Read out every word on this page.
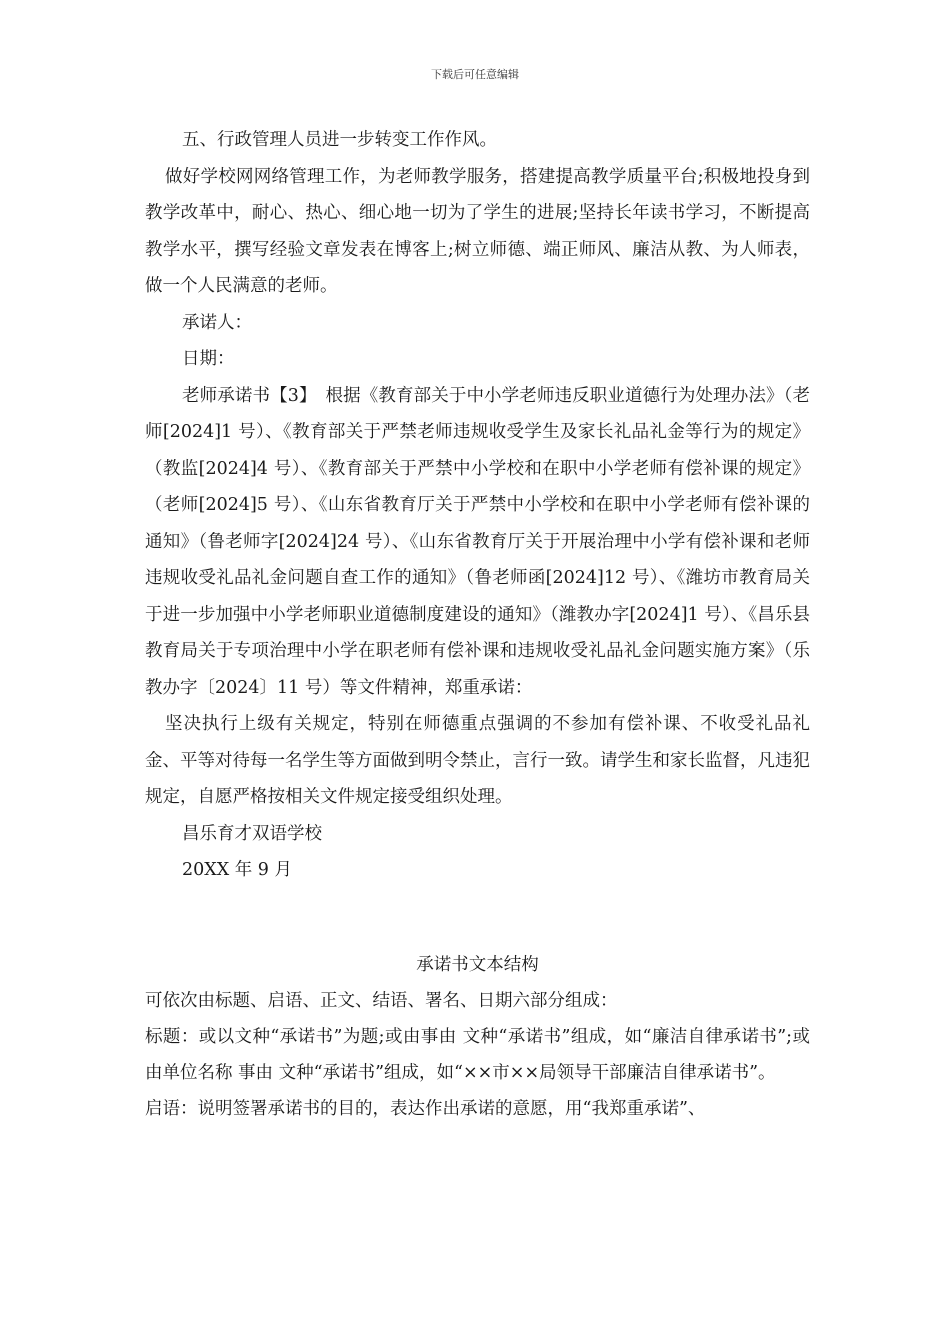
下载后可任意编辑

五、行政管理人员进一步转变工作作风。

做好学校网网络管理工作，为老师教学服务，搭建提高教学质量平台;积极地投身到教学改革中，耐心、热心、细心地一切为了学生的进展;坚持长年读书学习，不断提高教学水平，撰写经验文章发表在博客上;树立师德、端正师风、廉洁从教、为人师表，做一个人民满意的老师。

承诺人：

日期：

老师承诺书【3】　根据《教育部关于中小学老师违反职业道德行为处理办法》（老师[2024]1 号）、《教育部关于严禁老师违规收受学生及家长礼品礼金等行为的规定》（教监[2024]4 号）、《教育部关于严禁中小学校和在职中小学老师有偿补课的规定》（老师[2024]5 号）、《山东省教育厅关于严禁中小学校和在职中小学老师有偿补课的通知》（鲁老师字[2024]24 号）、《山东省教育厅关于开展治理中小学有偿补课和老师违规收受礼品礼金问题自查工作的通知》（鲁老师函[2024]12 号）、《潍坊市教育局关于进一步加强中小学老师职业道德制度建设的通知》（潍教办字[2024]1 号）、《昌乐县教育局关于专项治理中小学在职老师有偿补课和违规收受礼品礼金问题实施方案》（乐教办字〔2024〕11 号）等文件精神，郑重承诺：

坚决执行上级有关规定，特别在师德重点强调的不参加有偿补课、不收受礼品礼金、平等对待每一名学生等方面做到明令禁止，言行一致。请学生和家长监督，凡违犯规定，自愿严格按相关文件规定接受组织处理。

昌乐育才双语学校

20XX 年 9 月

承诺书文本结构

可依次由标题、启语、正文、结语、署名、日期六部分组成：

标题：或以文种“承诺书”为题;或由事由 文种“承诺书”组成，如“廉洁自律承诺书”;或由单位名称 事由 文种“承诺书”组成，如“××市××局领导干部廉洁自律承诺书”。

启语：说明签署承诺书的目的，表达作出承诺的意愿，用“我郑重承诺”、
